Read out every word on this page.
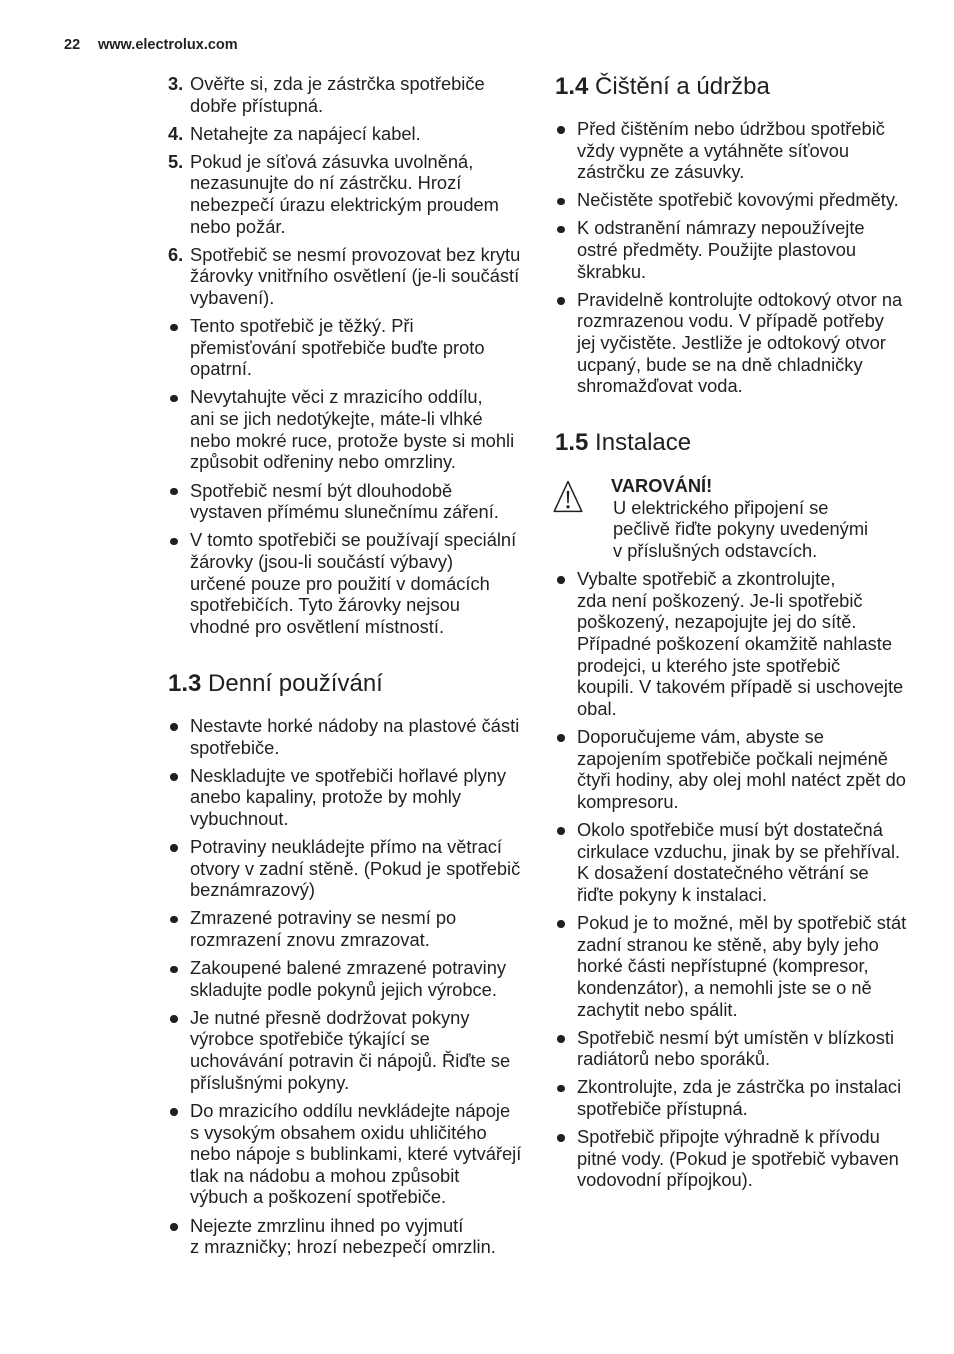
22 www.electrolux.com
3. Ověřte si, zda je zástrčka spotřebiče
dobře přístupná.
4. Netahejte za napájecí kabel.
5. Pokud je síťová zásuvka uvolněná,
nezasunujte do ní zástrčku. Hrozí
nebezpečí úrazu elektrickým proudem
nebo požár.
6. Spotřebič se nesmí provozovat bez krytu
žárovky vnitřního osvětlení (je-li součástí
vybavení).
Tento spotřebič je těžký. Při
přemisťování spotřebiče buďte proto
opatrní.
Nevytahujte věci z mrazicího oddílu,
ani se jich nedotýkejte, máte-li vlhké
nebo mokré ruce, protože byste si mohli
způsobit odřeniny nebo omrzliny.
Spotřebič nesmí být dlouhodobě
vystaven přímému slunečnímu záření.
V tomto spotřebiči se používají speciální
žárovky (jsou-li součástí výbavy)
určené pouze pro použití v domácích
spotřebičích. Tyto žárovky nejsou
vhodné pro osvětlení místností.
1.3 Denní používání
Nestavte horké nádoby na plastové části
spotřebiče.
Neskladujte ve spotřebiči hořlavé plyny
anebo kapaliny, protože by mohly
vybuchnout.
Potraviny neukládejte přímo na větrací
otvory v zadní stěně. (Pokud je spotřebič
beznámrazový)
Zmrazené potraviny se nesmí po
rozmrazení znovu zmrazovat.
Zakoupené balené zmrazené potraviny
skladujte podle pokynů jejich výrobce.
Je nutné přesně dodržovat pokyny
výrobce spotřebiče týkající se
uchovávání potravin či nápojů. Řiďte se
příslušnými pokyny.
Do mrazicího oddílu nevkládejte nápoje
s vysokým obsahem oxidu uhličitého
nebo nápoje s bublinkami, které vytvářejí
tlak na nádobu a mohou způsobit
výbuch a poškození spotřebiče.
Nejezte zmrzlinu ihned po vyjmutí
z mrazničky; hrozí nebezpečí omrzlin.
1.4 Čištění a údržba
Před čištěním nebo údržbou spotřebič
vždy vypněte a vytáhněte síťovou
zástrčku ze zásuvky.
Nečistěte spotřebič kovovými předměty.
K odstranění námrazy nepoužívejte
ostré předměty. Použijte plastovou
škrabku.
Pravidelně kontrolujte odtokový otvor na
rozmrazenou vodu. V případě potřeby
jej vyčistěte. Jestliže je odtokový otvor
ucpaný, bude se na dně chladničky
shromažďovat voda.
1.5 Instalace
VAROVÁNÍ!
U elektrického připojení se
pečlivě řiďte pokyny uvedenými
v příslušných odstavcích.
Vybalte spotřebič a zkontrolujte,
zda není poškozený. Je-li spotřebič
poškozený, nezapojujte jej do sítě.
Případné poškození okamžitě nahlaste
prodejci, u kterého jste spotřebič
koupili. V takovém případě si uschovejte
obal.
Doporučujeme vám, abyste se
zapojením spotřebiče počkali nejméně
čtyři hodiny, aby olej mohl natéct zpět do
kompresoru.
Okolo spotřebiče musí být dostatečná
cirkulace vzduchu, jinak by se přehříval.
K dosažení dostatečného větrání se
řiďte pokyny k instalaci.
Pokud je to možné, měl by spotřebič stát
zadní stranou ke stěně, aby byly jeho
horké části nepřístupné (kompresor,
kondenzátor), a nemohli jste se o ně
zachytit nebo spálit.
Spotřebič nesmí být umístěn v blízkosti
radiátorů nebo sporáků.
Zkontrolujte, zda je zástrčka po instalaci
spotřebiče přístupná.
Spotřebič připojte výhradně k přívodu
pitné vody. (Pokud je spotřebič vybaven
vodovodní přípojkou).
